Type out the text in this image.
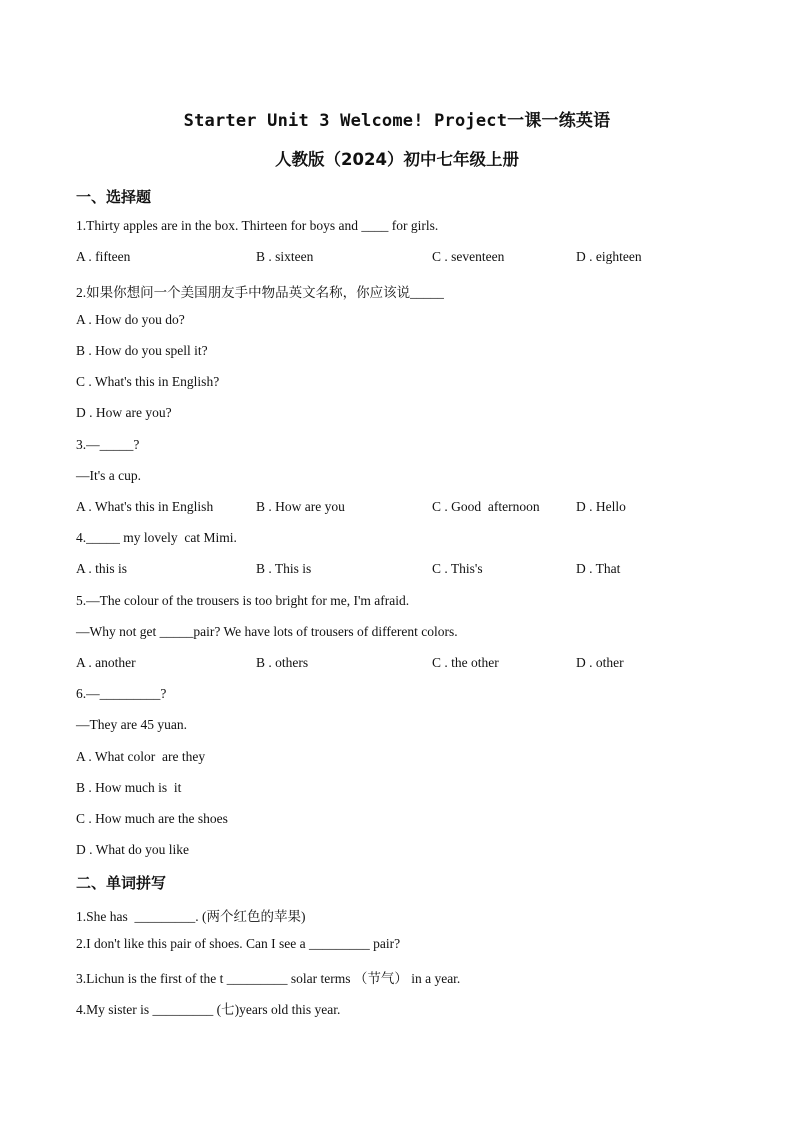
Starter Unit 3 Welcome! Project一课一练英语
人教版（2024）初中七年级上册
一、选择题
1.Thirty apples are in the box. Thirteen for boys and ____ for girls.
A . fifteen	B . sixteen	C . seventeen	D . eighteen
2.如果你想问一个美国朋友手中物品英文名称，你应该说_____
A . How do you do?
B . How do you spell it?
C . What's this in English?
D . How are you?
3.—_____?
—It's a cup.
A . What's this in English	B . How are you	C . Good  afternoon	D . Hello
4._____ my lovely  cat Mimi.
A . this is	B . This is	C . This's	D . That
5.—The colour of the trousers is too bright for me, I'm afraid.
—Why not get _____pair? We have lots of trousers of different colors.
A . another	B . others	C . the other	D . other
6.—_________?
—They are 45 yuan.
A . What color  are they
B . How much is  it
C . How much are the shoes
D . What do you like
二、单词拼写
1.She has  _________. (两个红色的苹果)
2.I don't like this pair of shoes. Can I see a _________ pair?
3.Lichun is the first of the t _________ solar terms （节气） in a year.
4.My sister is _________ (七)years old this year.
